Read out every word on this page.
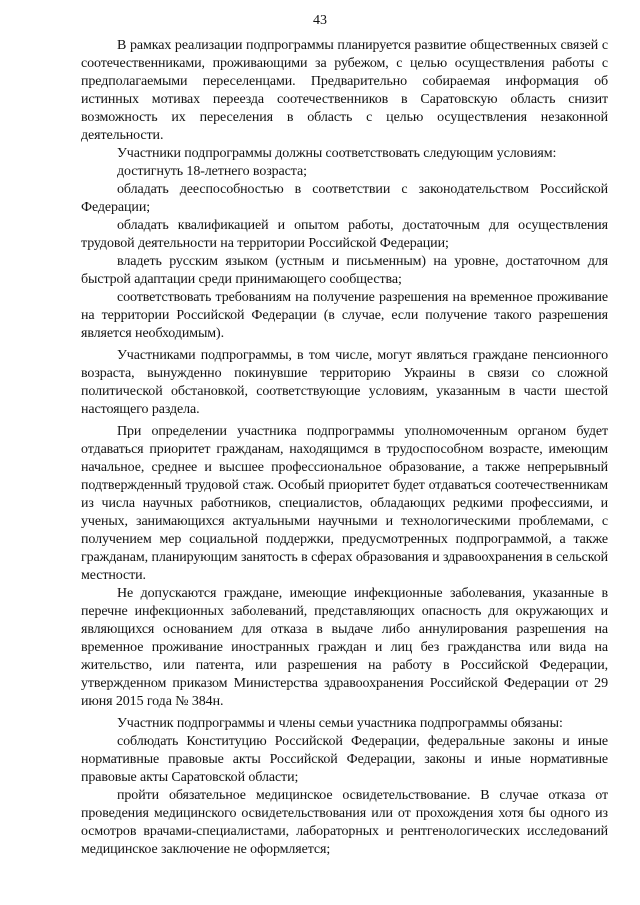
43

В рамках реализации подпрограммы планируется развитие общественных связей с соотечественниками, проживающими за рубежом, с целью осуществления работы с предполагаемыми переселенцами. Предварительно собираемая информация об истинных мотивах переезда соотечественников в Саратовскую область снизит возможность их переселения в область с целью осуществления незаконной деятельности.

Участники подпрограммы должны соответствовать следующим условиям:

достигнуть 18-летнего возраста;

обладать дееспособностью в соответствии с законодательством Российской Федерации;

обладать квалификацией и опытом работы, достаточным для осуществления трудовой деятельности на территории Российской Федерации;

владеть русским языком (устным и письменным) на уровне, достаточном для быстрой адаптации среди принимающего сообщества;

соответствовать требованиям на получение разрешения на временное проживание на территории Российской Федерации (в случае, если получение такого разрешения является необходимым).

Участниками подпрограммы, в том числе, могут являться граждане пенсионного возраста, вынужденно покинувшие территорию Украины в связи со сложной политической обстановкой, соответствующие условиям, указанным в части шестой настоящего раздела.

При определении участника подпрограммы уполномоченным органом будет отдаваться приоритет гражданам, находящимся в трудоспособном возрасте, имеющим начальное, среднее и высшее профессиональное образование, а также непрерывный подтвержденный трудовой стаж. Особый приоритет будет отдаваться соотечественникам из числа научных работников, специалистов, обладающих редкими профессиями, и ученых, занимающихся актуальными научными и технологическими проблемами, с получением мер социальной поддержки, предусмотренных подпрограммой, а также гражданам, планирующим занятость в сферах образования и здравоохранения в сельской местности.

Не допускаются граждане, имеющие инфекционные заболевания, указанные в перечне инфекционных заболеваний, представляющих опасность для окружающих и являющихся основанием для отказа в выдаче либо аннулирования разрешения на временное проживание иностранных граждан и лиц без гражданства или вида на жительство, или патента, или разрешения на работу в Российской Федерации, утвержденном приказом Министерства здравоохранения Российской Федерации от 29 июня 2015 года № 384н.

Участник подпрограммы и члены семьи участника подпрограммы обязаны:

соблюдать Конституцию Российской Федерации, федеральные законы и иные нормативные правовые акты Российской Федерации, законы и иные нормативные правовые акты Саратовской области;

пройти обязательное медицинское освидетельствование. В случае отказа от проведения медицинского освидетельствования или от прохождения хотя бы одного из осмотров врачами-специалистами, лабораторных и рентгенологических исследований медицинское заключение не оформляется;
